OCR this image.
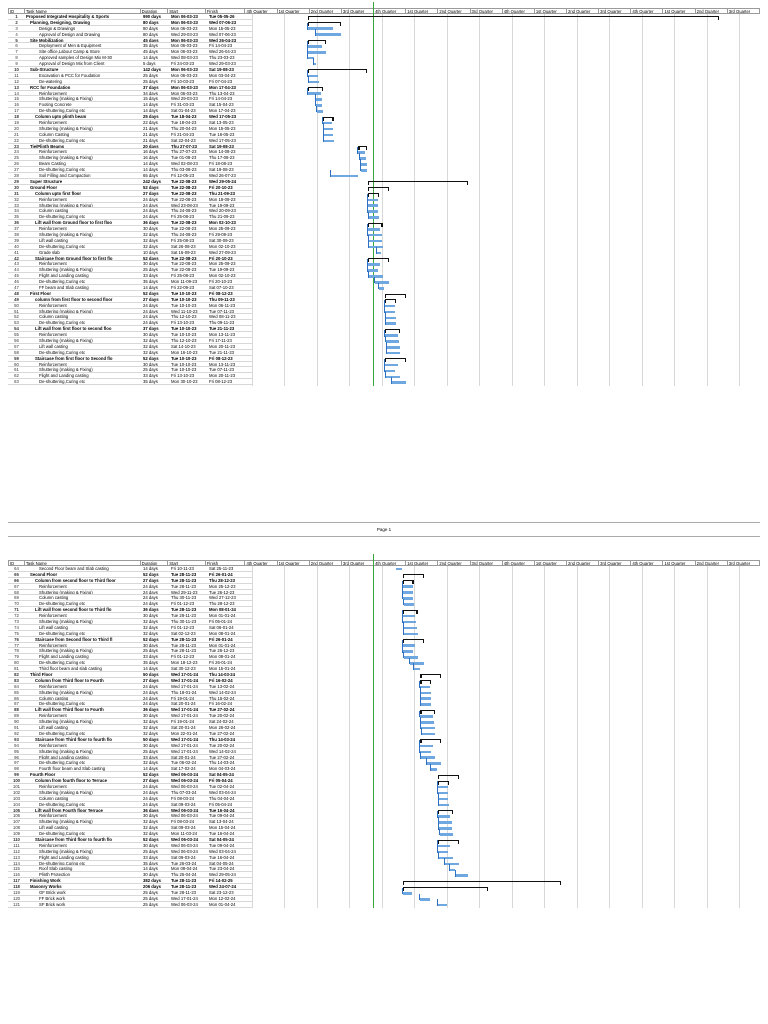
ID	Task Name	Duration	Start	Finish	4th Quarter	1st Quarter	2nd Quarter	3rd Quarter	4th Quarter	1st Quarter	2nd Quarter	3rd Quarter	4th Quarter	1st Quarter	2nd Quarter	3rd Quarter	4th Quarter	1st Quarter	2nd Quarter	3rd Quarter
1	Proposed Integrated Hospitality & Sports	990 days	Mon 06-03-23	Tue 05-05-26
2	Planning, Designing, Drawing	80 days	Mon 06-03-23	Wed 07-06-23
3	Design & Drawings	80 days	Mon 06-03-23	Mon 15-05-23
4	Approval of Design and Drawing	80 days	Wed 29-03-23	Wed 07-06-23
5	Site Mobilization	45 days	Mon 06-03-23	Wed 26-04-23
6	Deployment of Men & Equipment	35 days	Mon 06-03-23	Fri 14-04-23
7	Site office,Labour Camp & Store	45 days	Mon 06-03-23	Wed 26-04-23
8	Approved samples of Design Mix M-30	14 days	Wed 08-03-23	Thu 23-03-23
9	Approval of Design Mix from Client	5 days	Fri 24-03-23	Wed 29-03-23
10	Sub-Structure	142 days	Mon 06-03-23	Sat 19-08-23
11	Excavation & PCC for Foudation	25 days	Mon 06-03-23	Mon 03-04-23
12	De-watering	25 days	Fri 10-03-23	Fri 07-04-23
13	RCC for Foundation	37 days	Mon 06-03-23	Mon 17-04-23
14	Reinforcement	34 days	Mon 06-03-23	Thu 13-04-23
15	Shuttering (making & Fixing)	15 days	Wed 29-03-23	Fri 14-04-23
16	Footing Concrete	14 days	Fri 31-03-23	Sat 15-04-23
17	De-shuttering,Curing etc	14 days	Sat 01-04-23	Mon 17-04-23
18	Column upto plinth beam	25 days	Tue 18-04-23	Wed 17-05-23
19	Reinforcement	22 days	Tue 18-04-23	Sat 13-05-23
20	Shuttering (making & Fixing)	21 days	Thu 20-04-23	Mon 15-05-23
21	Column Casting	21 days	Fri 21-04-23	Tue 16-05-23
22	De-shuttering,Curing etc	21 days	Sat 22-04-23	Wed 17-05-23
23	Tie/Plinth Beams	20 days	Thu 27-07-23	Sat 19-08-23
24	Reinforcement	16 days	Thu 27-07-23	Mon 14-08-23
25	Shuttering (making & Fixing)	16 days	Tue 01-08-23	Thu 17-08-23
26	Beam Casting	14 days	Wed 02-08-23	Fri 18-08-23
27	De-shuttering,Curing etc	14 days	Thu 03-08-23	Sat 19-08-23
28	Soil Filling and Compaction	65 days	Fri 12-05-23	Wed 26-07-23
29	Super Structure	242 days	Tue 22-08-23	Wed 29-05-24
30	Ground Floor	52 days	Tue 22-08-23	Fri 20-10-23
31	Column upto first floor	27 days	Tue 22-08-23	Thu 21-09-23
32	Reinforcement	24 days	Tue 22-08-23	Mon 18-09-23
33	Shuttering (making & Fixing)	24 days	Wed 23-08-23	Tue 19-09-23
34	Column casting	24 days	Thu 24-08-23	Wed 20-09-23
35	De-shuttering,Curing etc	24 days	Fri 25-08-23	Thu 21-09-23
36	Lift wall from Ground floor to first floo	36 days	Tue 22-08-23	Mon 02-10-23
37	Reinforcement	30 days	Tue 22-08-23	Mon 25-09-23
38	Shuttering (making & Fixing)	32 days	Thu 24-08-23	Fri 29-09-23
39	Lift wall casting	32 days	Fri 25-08-23	Sat 30-09-23
40	De-shuttering,Curing etc	32 days	Sat 26-08-23	Mon 02-10-23
41	Grade slab	10 days	Sat 16-09-23	Wed 27-09-23
42	Staircase from Ground floor to first flo	52 days	Tue 22-08-23	Fri 20-10-23
43	Reinforcement	30 days	Tue 22-08-23	Mon 25-09-23
44	Shuttering (making & Fixing)	25 days	Tue 22-08-23	Tue 19-09-23
45	Flight and Landing casting	33 days	Fri 25-08-23	Mon 02-10-23
46	De-shuttering,Curing etc	35 days	Mon 11-09-23	Fri 20-10-23
47	FF beam and Slab casting	14 days	Fri 22-09-23	Sat 07-10-23
48	First Floor	52 days	Tue 10-10-23	Fri 08-12-23
49	column from first floor to second floor	27 days	Tue 10-10-23	Thu 09-11-23
50	Reinforcement	24 days	Tue 10-10-23	Mon 06-11-23
51	Shuttering (making & Fixing)	24 days	Wed 11-10-23	Tue 07-11-23
52	Column casting	24 days	Thu 12-10-23	Wed 08-11-23
53	De-shuttering,Curing etc	24 days	Fri 13-10-23	Thu 09-11-23
54	Lift wall from first floor to second floo	37 days	Tue 10-10-23	Tue 21-11-23
55	Reinforcement	30 days	Tue 10-10-23	Mon 13-11-23
56	Shuttering (making & Fixing)	32 days	Thu 12-10-23	Fri 17-11-23
57	Lift wall casting	32 days	Sat 14-10-23	Mon 20-11-23
58	De-shuttering,Curing etc	32 days	Mon 16-10-23	Tue 21-11-23
59	Staircase from first floor to Second flo	52 days	Tue 10-10-23	Fri 08-12-23
60	Reinforcement	30 days	Tue 10-10-23	Mon 13-11-23
61	Shuttering (making & Fixing)	25 days	Tue 10-10-23	Tue 07-11-23
62	Flight and Landing casting	33 days	Fri 13-10-23	Mon 20-11-23
63	De-shuttering,Curing etc	35 days	Mon 30-10-23	Fri 08-12-23
Page 1
ID	Task Name	Duration	Start	Finish	4th Quarter	1st Quarter	2nd Quarter	3rd Quarter	4th Quarter	1st Quarter	2nd Quarter	3rd Quarter	4th Quarter	1st Quarter	2nd Quarter	3rd Quarter	4th Quarter	1st Quarter	2nd Quarter	3rd Quarter
64	Second Floor beam and Slab casting	14 days	Fri 10-11-23	Sat 25-11-23
65	Second Floor	52 days	Tue 28-11-23	Fri 26-01-24
66	Column from second floor to Third floor	27 days	Tue 28-11-23	Thu 28-12-23
67	Reinforcement	24 days	Tue 28-11-23	Mon 25-12-23
68	Shuttering (making & Fixing)	24 days	Wed 29-11-23	Tue 26-12-23
69	Column casting	24 days	Thu 30-11-23	Wed 27-12-23
70	De-shuttering,Curing etc	24 days	Fri 01-12-23	Thu 28-12-23
71	Lift wall from second floor to Third flo	36 days	Tue 28-11-23	Mon 08-01-24
72	Reinforcement	30 days	Tue 28-11-23	Mon 01-01-24
73	Shuttering (making & Fixing)	32 days	Thu 30-11-23	Fri 05-01-24
74	Lift wall casting	32 days	Fri 01-12-23	Sat 06-01-24
75	De-shuttering,Curing etc	32 days	Sat 02-12-23	Mon 08-01-24
76	Staircase from Second floor to Third fl	52 days	Tue 28-11-23	Fri 26-01-24
77	Reinforcement	30 days	Tue 28-11-23	Mon 01-01-24
78	Shuttering (making & Fixing)	25 days	Tue 28-11-23	Tue 26-12-23
79	Flight and Landing casting	33 days	Fri 01-12-23	Mon 08-01-24
80	De-shuttering,Curing etc	35 days	Mon 18-12-23	Fri 26-01-24
81	Third floor beam and slab casting	14 days	Sat 30-12-23	Mon 15-01-24
82	Third Floor	50 days	Wed 17-01-24	Thu 14-03-24
83	Column from Third floor to Fourth	27 days	Wed 17-01-24	Fri 16-02-24
84	Reinforcement	24 days	Wed 17-01-24	Tue 13-02-24
85	Shuttering (making & Fixing)	24 days	Thu 18-01-24	Wed 14-02-24
86	Column casting	24 days	Fri 19-01-24	Thu 15-02-24
87	De-shuttering,Curing etc	24 days	Sat 20-01-24	Fri 16-02-24
88	Lift wall from Third floor to Fourth	36 days	Wed 17-01-24	Tue 27-02-24
89	Reinforcement	30 days	Wed 17-01-24	Tue 20-02-24
90	Shuttering (making & Fixing)	32 days	Fri 19-01-24	Sat 24-02-24
91	Lift wall casting	32 days	Sat 20-01-24	Mon 26-02-24
92	De-shuttering,Curing etc	32 days	Mon 22-01-24	Tue 27-02-24
93	Staircase from Third floor to fourth flo	50 days	Wed 17-01-24	Thu 14-03-24
94	Reinforcement	30 days	Wed 17-01-24	Tue 20-02-24
95	Shuttering (making & Fixing)	25 days	Wed 17-01-24	Wed 14-02-24
96	Flight and Landing casting	33 days	Sat 20-01-24	Tue 27-02-24
97	De-shuttering,Curing etc	32 days	Tue 06-02-24	Thu 14-03-24
98	Fourth floor beam and Slab casting	14 days	Sat 17-02-24	Mon 04-03-24
99	Fourth Floor	52 days	Wed 06-03-24	Sat 04-05-24
100	Column from fourth floor to Terrace	27 days	Wed 06-03-24	Fri 05-04-24
101	Reinforcement	24 days	Wed 06-03-24	Tue 02-04-24
102	Shuttering (making & Fixing)	24 days	Thu 07-03-24	Wed 03-04-24
103	Column casting	24 days	Fri 08-03-24	Thu 04-04-24
104	De-shuttering,Curing etc	24 days	Sat 09-03-24	Fri 05-04-24
105	Lift wall from Fourth floor Terrace	36 days	Wed 06-03-24	Tue 16-04-24
106	Reinforcement	30 days	Wed 06-03-24	Tue 09-04-24
107	Shuttering (making & Fixing)	32 days	Fri 08-03-24	Sat 13-04-24
108	Lift wall casting	32 days	Sat 09-03-24	Mon 15-04-24
109	De-shuttering,Curing etc	32 days	Mon 11-03-24	Tue 16-04-24
110	Staircase from Third floor to fourth flo	52 days	Wed 06-03-24	Sat 04-05-24
111	Reinforcement	30 days	Wed 06-03-24	Tue 09-04-24
112	Shuttering (making & Fixing)	25 days	Wed 06-03-24	Wed 03-04-24
113	Flight and Landing casting	33 days	Sat 09-03-24	Tue 16-04-24
114	De-shuttering,Curing etc	35 days	Tue 26-03-24	Sat 04-05-24
115	Roof Slab casting	14 days	Mon 08-04-24	Tue 23-04-24
116	Plinth Protection	30 days	Thu 25-04-24	Wed 29-05-24
117	Finishing Work	382 days	Tue 28-11-23	Fri 14-02-25
118	Masonry Works	206 days	Tue 28-11-23	Wed 24-07-24
119	GF Brick work	25 days	Tue 28-11-23	Sat 23-12-23
120	FF Brick work	25 days	Wed 17-01-24	Mon 12-02-24
121	SF Brick work	25 days	Wed 06-03-24	Mon 01-04-24
